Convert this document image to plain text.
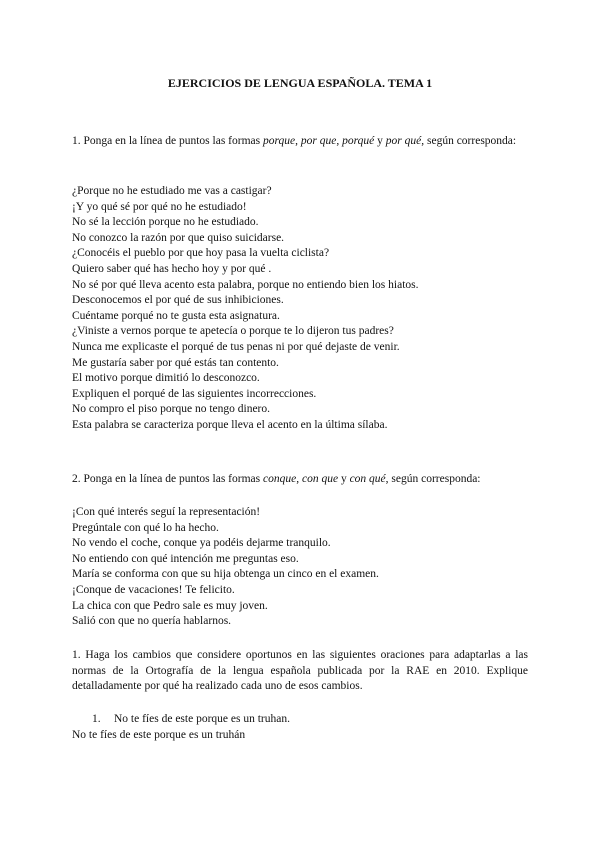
EJERCICIOS DE LENGUA ESPAÑOLA. TEMA 1
1. Ponga en la línea de puntos las formas porque, por que, porqué y por qué, según corresponda:
¿Porque no he estudiado me vas a castigar?
¡Y yo qué sé por qué no he estudiado!
No sé la lección porque no he estudiado.
No conozco la razón por que quiso suicidarse.
¿Conocéis el pueblo por que hoy pasa la vuelta ciclista?
Quiero saber qué has hecho hoy y por qué .
No sé por qué lleva acento esta palabra, porque no entiendo bien los hiatos.
Desconocemos el por qué de sus inhibiciones.
Cuéntame porqué no te gusta esta asignatura.
¿Viniste a vernos porque te apetecía o porque te lo dijeron tus padres?
Nunca me explicaste el porqué de tus penas ni por qué dejaste de venir.
Me gustaría saber por qué estás tan contento.
El motivo porque dimitió lo desconozco.
Expliquen el porqué de las siguientes incorrecciones.
No compro el piso porque no tengo dinero.
Esta palabra se caracteriza porque lleva el acento en la última sílaba.
2. Ponga en la línea de puntos las formas conque, con que y con qué, según corresponda:
¡Con qué interés seguí la representación!
Pregúntale con qué lo ha hecho.
No vendo el coche, conque ya podéis dejarme tranquilo.
No entiendo con qué intención me preguntas eso.
María se conforma con que su hija obtenga un cinco en el examen.
¡Conque de vacaciones! Te felicito.
La chica con que Pedro sale es muy joven.
Salió con que no quería hablarnos.
1. Haga los cambios que considere oportunos en las siguientes oraciones para adaptarlas a las normas de la Ortografía de la lengua española publicada por la RAE en 2010. Explique detalladamente por qué ha realizado cada uno de esos cambios.
1. No te fíes de este porque es un truhan.
No te fíes de este porque es un truhán
